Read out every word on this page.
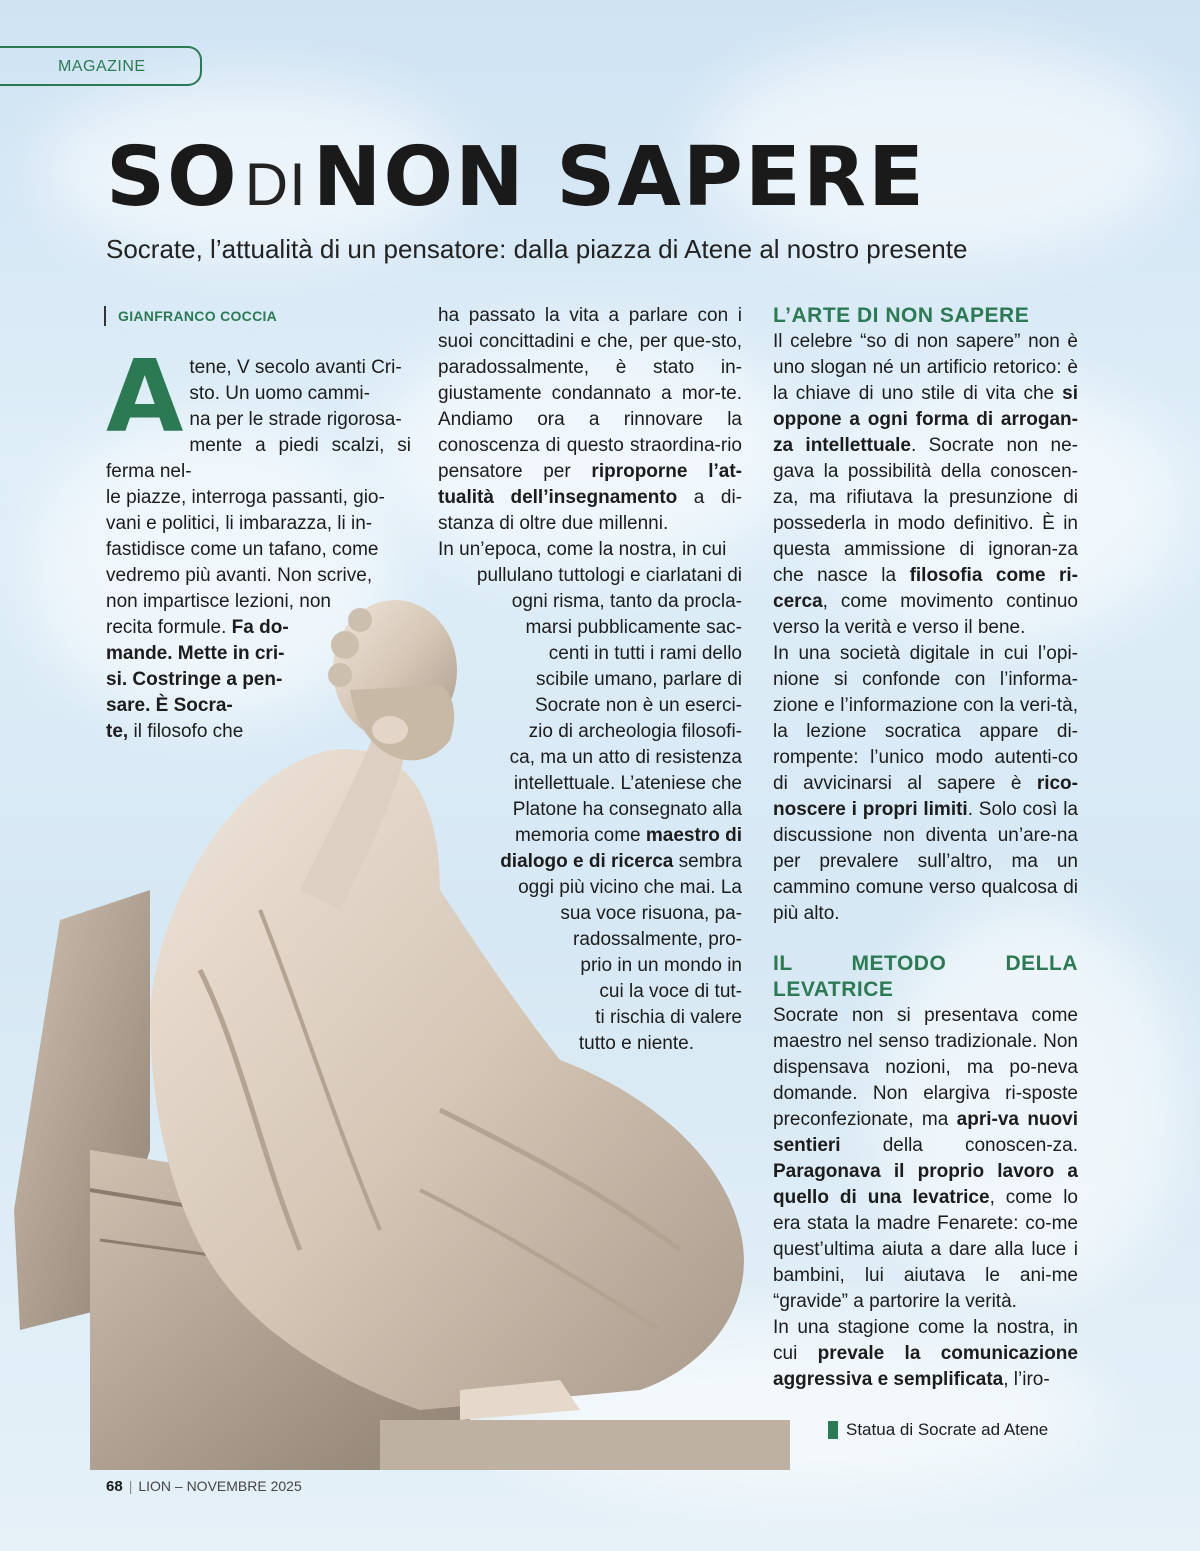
MAGAZINE
SO DINON SAPERE
Socrate, l’attualità di un pensatore: dalla piazza di Atene al nostro presente
GIANFRANCO COCCIA
A tene, V secolo avanti Cri-
sto. Un uomo cammi-
na per le strade rigorosa-
mente a piedi scalzi, si ferma nel-
le piazze, interroga passanti, gio-
vani e politici, li imbarazza, li in-
fastidisce come un tafano, come
vedremo più avanti. Non scrive,
non impartisce lezioni, non
recita formule. Fa do-
mande. Mette in cri-
si. Costringe a pen-
sare. È Socra-
te, il filosofo che

ha passato la vita a parlare con i suoi concittadini e che, per que-sto, paradossalmente, è stato in-giustamente condannato a mor-te. Andiamo ora a rinnovare la conoscenza di questo straordina-rio pensatore per riproporne l’at-tualità dell’insegnamento a di-stanza di oltre due millenni.

In un’epoca, come la nostra, in cui
pullulano tuttologi e ciarlatani di
ogni risma, tanto da procla-
marsi pubblicamente sac-
centi in tutti i rami dello
scibile umano, parlare di
Socrate non è un eserci-
zio di archeologia filosofi-
ca, ma un atto di resistenza
intellettuale. L’ateniese che
Platone ha consegnato alla
memoria come maestro di
dialogo e di ricerca sembra
oggi più vicino che mai. La
sua voce risuona, pa-
radossalmente, pro-
prio in un mondo in
cui la voce di tut-
ti rischia di valere
tutto e niente.
L’ARTE DI NON SAPERE

Il celebre “so di non sapere” non è uno slogan né un artificio retorico: è la chiave di uno stile di vita che si oppone a ogni forma di arrogan-za intellettuale. Socrate non ne-gava la possibilità della conoscen-za, ma rifiutava la presunzione di possederla in modo definitivo. È in questa ammissione di ignoran-za che nasce la filosofia come ri-cerca, come movimento continuo verso la verità e verso il bene.

In una società digitale in cui l’opi-nione si confonde con l’informa-zione e l’informazione con la veri-tà, la lezione socratica appare di-rompente: l’unico modo autenti-co di avvicinarsi al sapere è rico-noscere i propri limiti. Solo così la discussione non diventa un’are-na per prevalere sull’altro, ma un cammino comune verso qualcosa di più alto.

IL METODO DELLA LEVATRICE

Socrate non si presentava come maestro nel senso tradizionale. Non dispensava nozioni, ma po-neva domande. Non elargiva ri-sposte preconfezionate, ma apri-va nuovi sentieri della conoscen-za. Paragonava il proprio lavoro a quello di una levatrice, come lo era stata la madre Fenarete: co-me quest’ultima aiuta a dare alla luce i bambini, lui aiutava le ani-me “gravide” a partorire la verità.

In una stagione come la nostra, in cui prevale la comunicazione aggressiva e semplificata, l’iro-

Statua di Socrate ad Atene
68 | LION – NOVEMBRE 2025
